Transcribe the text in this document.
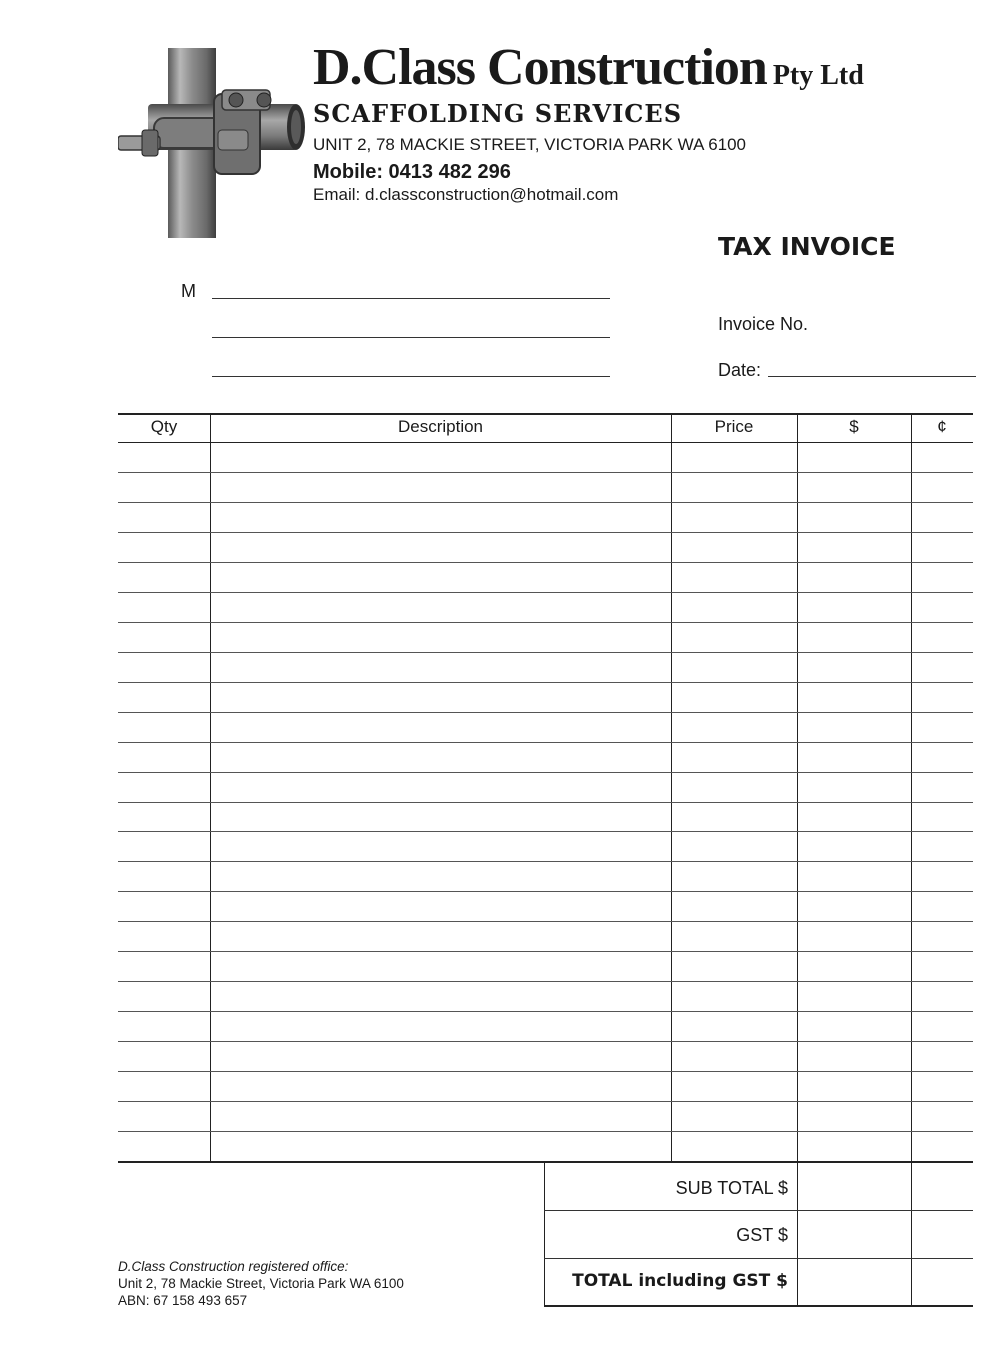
D.Class Construction Pty Ltd
SCAFFOLDING SERVICES
UNIT 2, 78 MACKIE STREET, VICTORIA PARK WA 6100
Mobile: 0413 482 296
Email: d.classconstruction@hotmail.com
TAX INVOICE
M
Invoice No.
Date:
Qty	Description	Price	$	¢
SUB TOTAL $
GST $
TOTAL including GST $
D.Class Construction registered office:
Unit 2, 78 Mackie Street, Victoria Park WA 6100
ABN: 67 158 493 657
